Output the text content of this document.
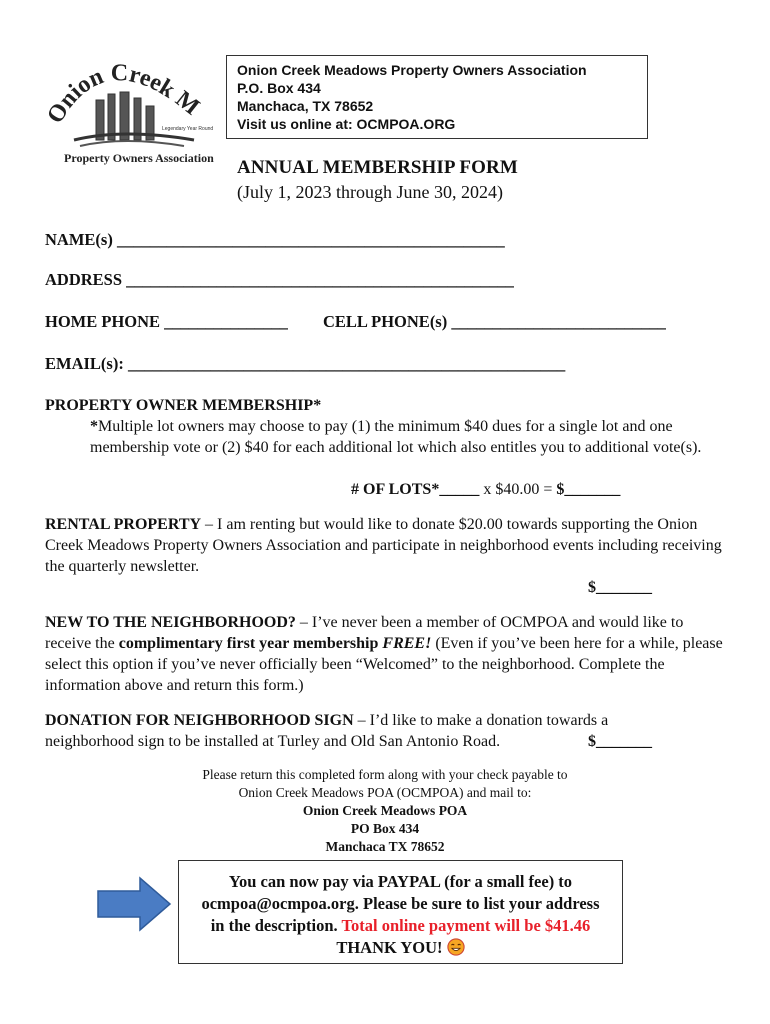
Onion Creek M
Legendary Year Round
Property Owners Association
Onion Creek Meadows Property Owners Association
P.O. Box 434
Manchaca, TX 78652
Visit us online at: OCMPOA.ORG
ANNUAL MEMBERSHIP FORM
(July 1, 2023 through June 30, 2024)
NAME(s) _______________________________________________
ADDRESS _______________________________________________
HOME PHONE _______________ CELL PHONE(s) __________________________
EMAIL(s): _____________________________________________________
PROPERTY OWNER MEMBERSHIP*
*Multiple lot owners may choose to pay (1) the minimum $40 dues for a single lot and one membership vote or (2) $40 for each additional lot which also entitles you to additional vote(s).
# OF LOTS*_____ x $40.00 = $_______
RENTAL PROPERTY – I am renting but would like to donate $20.00 towards supporting the Onion Creek Meadows Property Owners Association and participate in neighborhood events including receiving the quarterly newsletter.
$_______
NEW TO THE NEIGHBORHOOD? – I’ve never been a member of OCMPOA and would like to receive the complimentary first year membership FREE! (Even if you’ve been here for a while, please select this option if you’ve never officially been “Welcomed” to the neighborhood. Complete the information above and return this form.)
DONATION FOR NEIGHBORHOOD SIGN – I’d like to make a donation towards a neighborhood sign to be installed at Turley and Old San Antonio Road.	$_______
Please return this completed form along with your check payable to
Onion Creek Meadows POA (OCMPOA) and mail to:
Onion Creek Meadows POA
PO Box 434
Manchaca TX 78652
You can now pay via PAYPAL (for a small fee) to
ocmpoa@ocmpoa.org. Please be sure to list your address
in the description. Total online payment will be $41.46
THANK YOU!
